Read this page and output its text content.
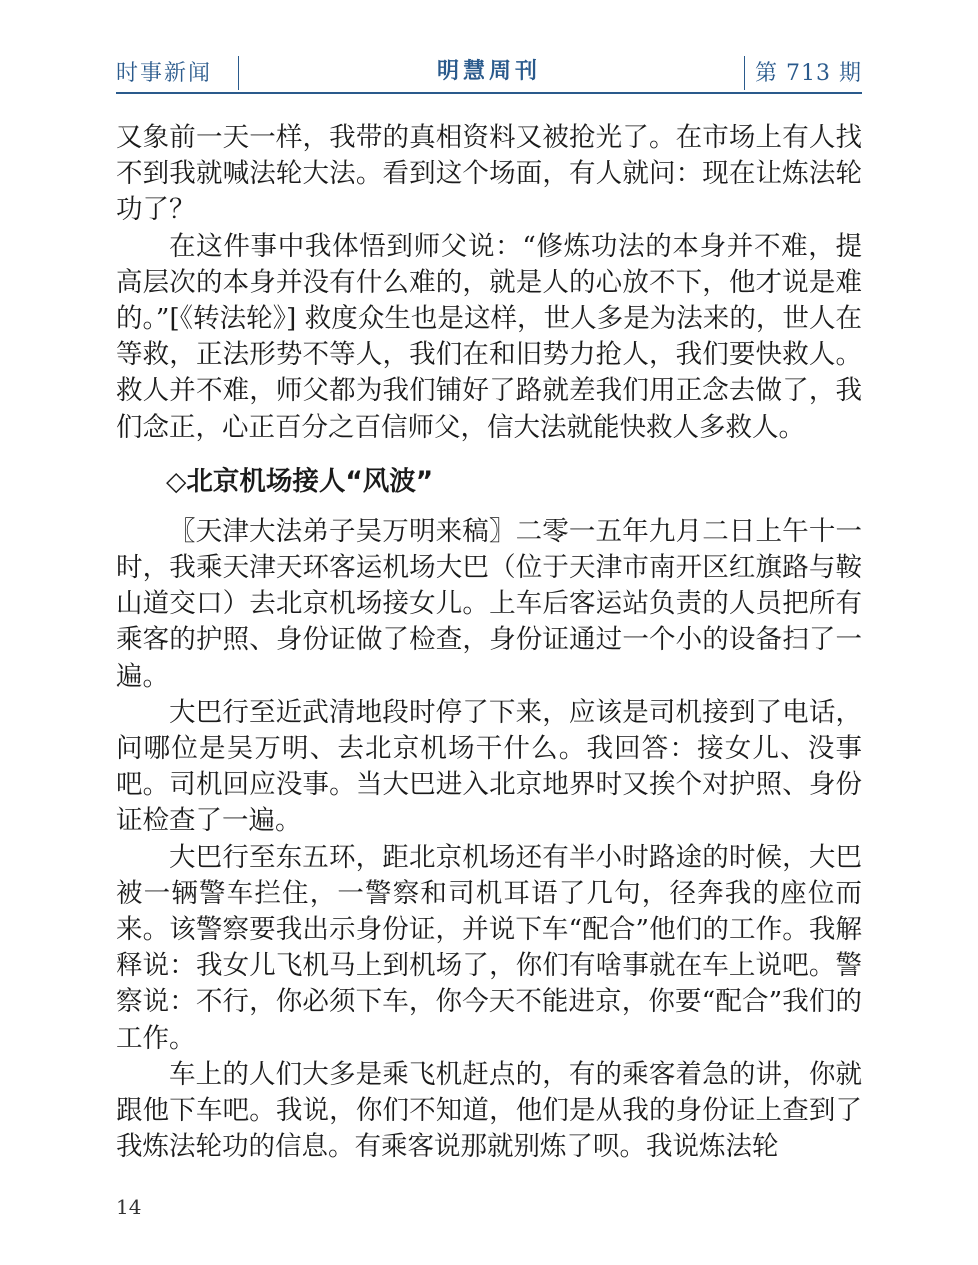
时事新闻	明慧周刊	第 713 期

又象前一天一样，我带的真相资料又被抢光了。在市场上有人找不到我就喊法轮大法。看到这个场面，有人就问：现在让炼法轮功了？

在这件事中我体悟到师父说：“修炼功法的本身并不难，提高层次的本身并没有什么难的，就是人的心放不下，他才说是难的。”[《转法轮》] 救度众生也是这样，世人多是为法来的，世人在等救，正法形势不等人，我们在和旧势力抢人，我们要快救人。救人并不难，师父都为我们铺好了路就差我们用正念去做了，我们念正，心正百分之百信师父，信大法就能快救人多救人。

◇北京机场接人“风波”

〖天津大法弟子吴万明来稿〗二零一五年九月二日上午十一时，我乘天津天环客运机场大巴（位于天津市南开区红旗路与鞍山道交口）去北京机场接女儿。上车后客运站负责的人员把所有乘客的护照、身份证做了检查，身份证通过一个小的设备扫了一遍。

大巴行至近武清地段时停了下来，应该是司机接到了电话，问哪位是吴万明、去北京机场干什么。我回答：接女儿、没事吧。司机回应没事。当大巴进入北京地界时又挨个对护照、身份证检查了一遍。

大巴行至东五环，距北京机场还有半小时路途的时候，大巴被一辆警车拦住，一警察和司机耳语了几句，径奔我的座位而来。该警察要我出示身份证，并说下车“配合”他们的工作。我解释说：我女儿飞机马上到机场了，你们有啥事就在车上说吧。警察说：不行，你必须下车，你今天不能进京，你要“配合”我们的工作。

车上的人们大多是乘飞机赶点的，有的乘客着急的讲，你就跟他下车吧。我说，你们不知道，他们是从我的身份证上查到了我炼法轮功的信息。有乘客说那就别炼了呗。我说炼法轮

14
